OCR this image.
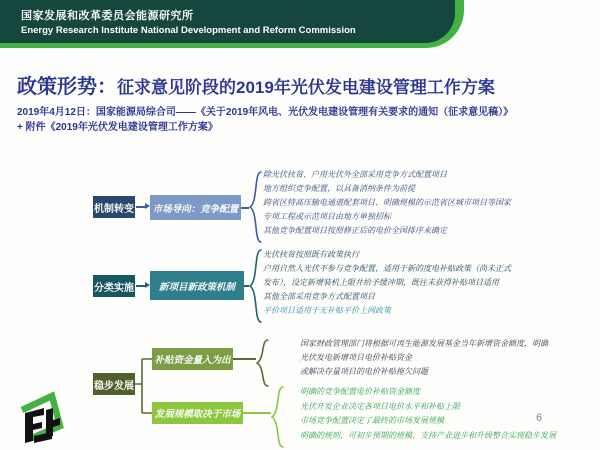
国家发展和改革委员会能源研究所
Energy Research Institute National Development and Reform Commission
政策形势：征求意见阶段的2019年光伏发电建设管理工作方案
2019年4月12日：国家能源局综合司——《关于2019年风电、光伏发电建设管理有关要求的通知（征求意见稿）》
+ 附件《2019年光伏发电建设管理工作方案》
机制转变 市场导向：竞争配置
除光伏扶贫、户用光伏外全部采用竞争方式配置项目
地方组织竞争配置，以具备消纳条件为前提
跨省区特高压输电通道配套项目、明确规模的示范省区城市项目等国家专项工程或示范项目由地方单独招标
其他竞争配置项目按照修正后的电价全国排序来确定
分类实施	新项目新政策机制
光伏扶贫按照既有政策执行
户用自然人光伏不参与竞争配置，适用于新的度电补贴政策（尚未正式发布），设定新增装机上限并给予缓冲期，既往未获得补贴项目适用
其他全部采用竞争方式配置项目
平价项目适用于无补贴平价上网政策
稳步发展
补贴资金量入为出
国家财政管理部门将根据可再生能源发展基金当年新增资金额度，明确光伏发电新增项目电价补贴资金
或解决存量项目的电价补贴拖欠问题
发展规模取决于市场
明确的竞争配置电价补贴资金额度
光伏开发企业决定各项目电价水平和补贴上限
市场竞争配置决定了最终的市场发展规模
明确的规则，可初步预期的规模，支持产业进步和升级整合实现稳步发展
6
